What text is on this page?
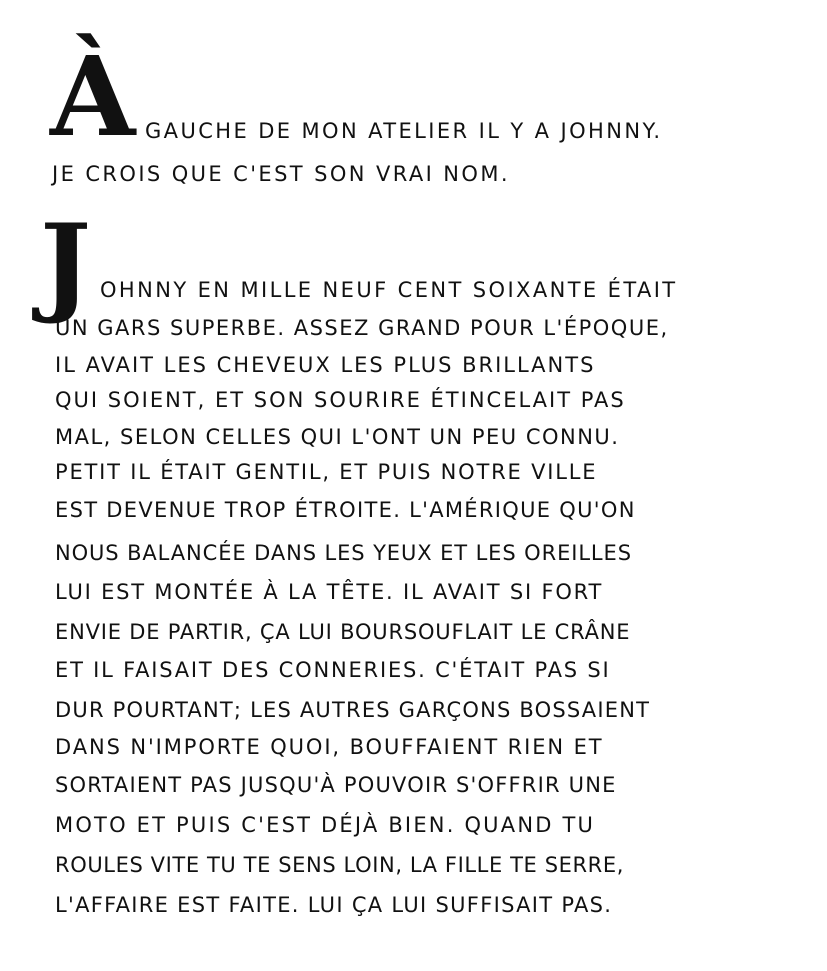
À GAUCHE DE MON ATELIER IL Y A JOHNNY.
JE CROIS QUE C'EST SON VRAI NOM.
J OHNNY EN MILLE NEUF CENT SOIXANTE ÉTAIT
UN GARS SUPERBE. ASSEZ GRAND POUR L'ÉPOQUE,
IL AVAIT LES CHEVEUX LES PLUS BRILLANTS
QUI SOIENT, ET SON SOURIRE ÉTINCELAIT PAS
MAL, SELON CELLES QUI L'ONT UN PEU CONNU.
PETIT IL ÉTAIT GENTIL, ET PUIS NOTRE VILLE
EST DEVENUE TROP ÉTROITE. L'AMÉRIQUE QU'ON
NOUS BALANCÉE DANS LES YEUX ET LES OREILLES
LUI EST MONTÉE À LA TÊTE. IL AVAIT SI FORT
ENVIE DE PARTIR, ÇA LUI BOURSOUFLAIT LE CRÂNE
ET IL FAISAIT DES CONNERIES. C'ÉTAIT PAS SI
DUR POURTANT; LES AUTRES GARÇONS BOSSAIENT
DANS N'IMPORTE QUOI, BOUFFAIENT RIEN ET
SORTAIENT PAS JUSQU'À POUVOIR S'OFFRIR UNE
MOTO ET PUIS C'EST DÉJÀ BIEN. QUAND TU
ROULES VITE TU TE SENS LOIN, LA FILLE TE SERRE,
L'AFFAIRE EST FAITE. LUI ÇA LUI SUFFISAIT PAS.
